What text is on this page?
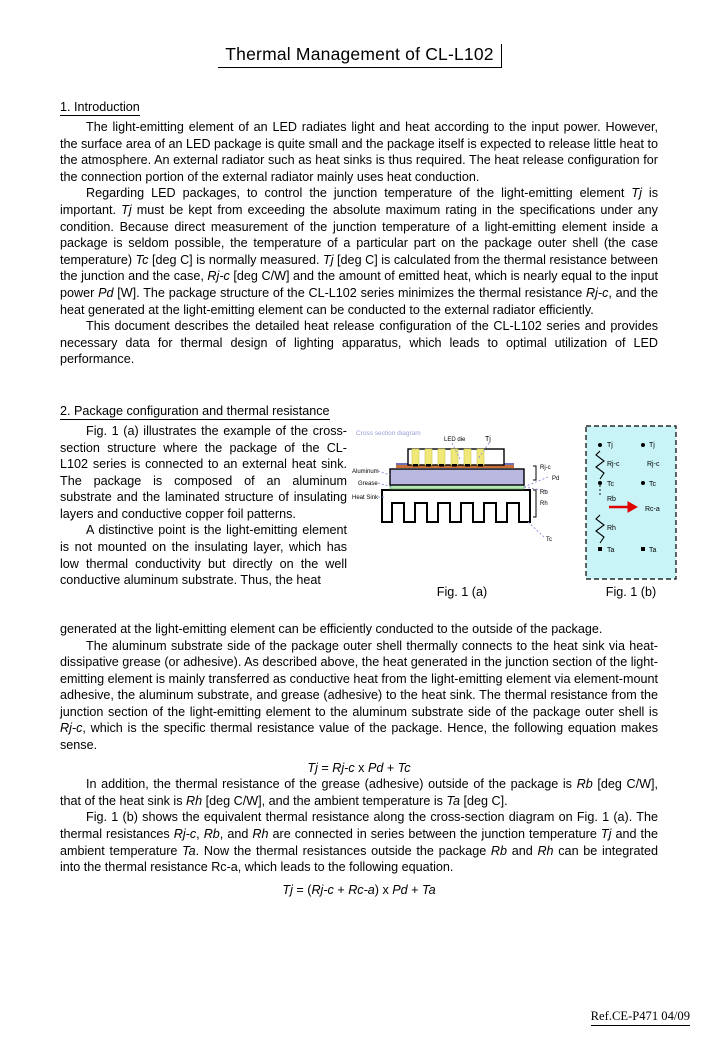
Thermal Management of CL-L102
1. Introduction

The light-emitting element of an LED radiates light and heat according to the input power. However, the surface area of an LED package is quite small and the package itself is expected to release little heat to the atmosphere. An external radiator such as heat sinks is thus required. The heat release configuration for the connection portion of the external radiator mainly uses heat conduction.

Regarding LED packages, to control the junction temperature of the light-emitting element Tj is important. Tj must be kept from exceeding the absolute maximum rating in the specifications under any condition. Because direct measurement of the junction temperature of a light-emitting element inside a package is seldom possible, the temperature of a particular part on the package outer shell (the case temperature) Tc [deg C] is normally measured. Tj [deg C] is calculated from the thermal resistance between the junction and the case, Rj-c [deg C/W] and the amount of emitted heat, which is nearly equal to the input power Pd [W]. The package structure of the CL-L102 series minimizes the thermal resistance Rj-c, and the heat generated at the light-emitting element can be conducted to the external radiator efficiently.

This document describes the detailed heat release configuration of the CL-L102 series and provides necessary data for thermal design of lighting apparatus, which leads to optimal utilization of LED performance.

2. Package configuration and thermal resistance

Fig. 1 (a) illustrates the example of the cross-section structure where the package of the CL-L102 series is connected to an external heat sink. The package is composed of an aluminum substrate and the laminated structure of insulating layers and conductive copper foil patterns.

A distinctive point is the light-emitting element is not mounted on the insulating layer, which has low thermal conductivity but directly on the well conductive aluminum substrate. Thus, the heat

Rj-c
Rb
Rh
Pd
Tc
LED die	Tj
Aluminum
Grease
Heat Sink
Cross section diagram
Fig. 1 (a)
Tj
Rj-c
Tc
Rb
Rh
Ta
Tj
Rj-c
Tc
Rc-a
Ta
Fig. 1 (b)

generated at the light-emitting element can be efficiently conducted to the outside of the package.

The aluminum substrate side of the package outer shell thermally connects to the heat sink via heat-dissipative grease (or adhesive). As described above, the heat generated in the junction section of the light-emitting element is mainly transferred as conductive heat from the light-emitting element via element-mount adhesive, the aluminum substrate, and grease (adhesive) to the heat sink. The thermal resistance from the junction section of the light-emitting element to the aluminum substrate side of the package outer shell is Rj-c, which is the specific thermal resistance value of the package. Hence, the following equation makes sense.

Tj = Rj-c x Pd + Tc

In addition, the thermal resistance of the grease (adhesive) outside of the package is Rb [deg C/W], that of the heat sink is Rh [deg C/W], and the ambient temperature is Ta [deg C].

Fig. 1 (b) shows the equivalent thermal resistance along the cross-section diagram on Fig. 1 (a). The thermal resistances Rj-c, Rb, and Rh are connected in series between the junction temperature Tj and the ambient temperature Ta. Now the thermal resistances outside the package Rb and Rh can be integrated into the thermal resistance Rc-a, which leads to the following equation.

Tj = (Rj-c + Rc-a) x Pd + Ta

Ref.CE-P471 04/09
